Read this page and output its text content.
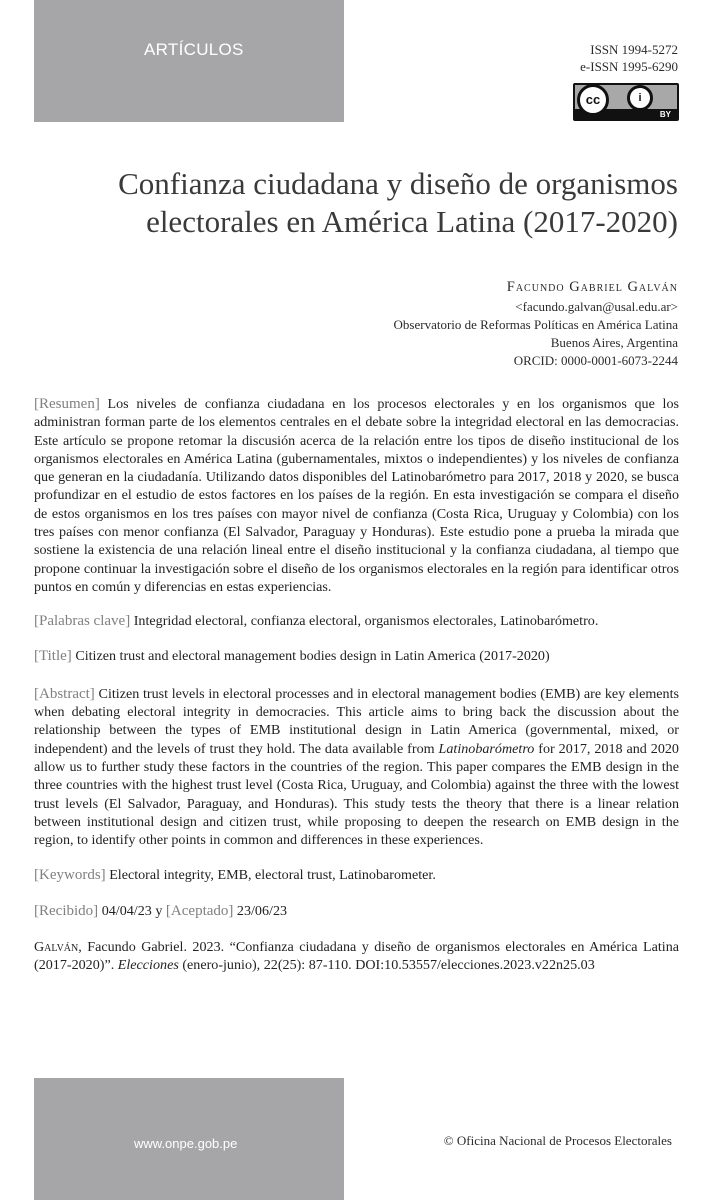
ARTÍCULOS	ISSN 1994-5272
e-ISSN 1995-6290
cc	i
BY
Confianza ciudadana y diseño de organismos
electorales en América Latina (2017-2020)
Facundo Gabriel Galván
<facundo.galvan@usal.edu.ar>
Observatorio de Reformas Políticas en América Latina
Buenos Aires, Argentina
ORCID: 0000-0001-6073-2244

[Resumen] Los niveles de confianza ciudadana en los procesos electorales y en los organismos que los administran forman parte de los elementos centrales en el debate sobre la integridad electoral en las democracias. Este artículo se propone retomar la discusión acerca de la relación entre los tipos de diseño institucional de los organismos electorales en América Latina (gubernamentales, mixtos o independientes) y los niveles de confianza que generan en la ciudadanía. Utilizando datos disponibles del Latinobarómetro para 2017, 2018 y 2020, se busca profundizar en el estudio de estos factores en los países de la región. En esta investigación se compara el diseño de estos organismos en los tres países con mayor nivel de confianza (Costa Rica, Uruguay y Colombia) con los tres países con menor confianza (El Salvador, Paraguay y Honduras). Este estudio pone a prueba la mirada que sostiene la existencia de una relación lineal entre el diseño institucional y la confianza ciudadana, al tiempo que propone continuar la investigación sobre el diseño de los organismos electorales en la región para identificar otros puntos en común y diferencias en estas experiencias.

[Palabras clave] Integridad electoral, confianza electoral, organismos electorales, Latinobarómetro.

[Title] Citizen trust and electoral management bodies design in Latin America (2017-2020)

[Abstract] Citizen trust levels in electoral processes and in electoral management bodies (EMB) are key elements when debating electoral integrity in democracies. This article aims to bring back the discussion about the relationship between the types of EMB institutional design in Latin America (governmental, mixed, or independent) and the levels of trust they hold. The data available from Latinobarómetro for 2017, 2018 and 2020 allow us to further study these factors in the countries of the region. This paper compares the EMB design in the three countries with the highest trust level (Costa Rica, Uruguay, and Colombia) against the three with the lowest trust levels (El Salvador, Paraguay, and Honduras). This study tests the theory that there is a linear relation between institutional design and citizen trust, while proposing to deepen the research on EMB design in the region, to identify other points in common and differences in these experiences.

[Keywords] Electoral integrity, EMB, electoral trust, Latinobarometer.

[Recibido] 04/04/23 y [Aceptado] 23/06/23

Galván, Facundo Gabriel. 2023. “Confianza ciudadana y diseño de organismos electorales en América Latina (2017-2020)”. Elecciones (enero-junio), 22(25): 87-110. DOI:10.53557/elecciones.2023.v22n25.03

www.onpe.gob.pe	© Oficina Nacional de Procesos Electorales
